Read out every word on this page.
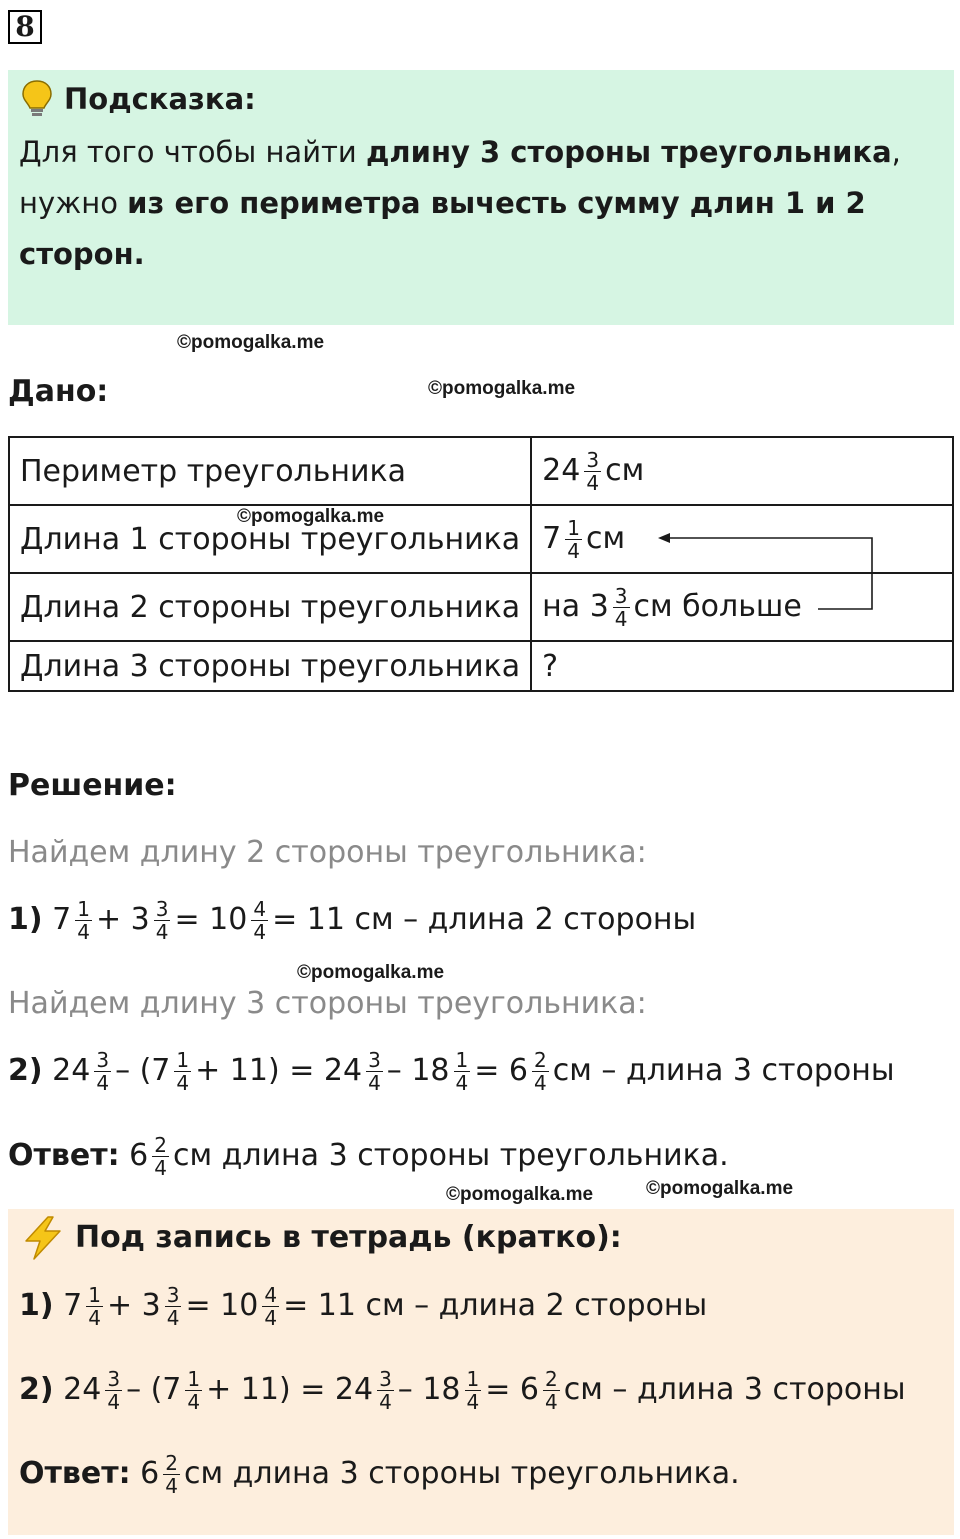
8
Подсказка:
Для того чтобы найти длину 3 стороны треугольника,
нужно из его периметра вычесть сумму длин 1 и 2
сторон.
©pomogalka.me
©pomogalka.me
Дано:
Периметр треугольника	$24 \frac{3}{4}$ см
Длина 1 стороны треугольника	$7 \frac{1}{4}$ см
Длина 2 стороны треугольника	на $3 \frac{3}{4}$ см больше
Длина 3 стороны треугольника	?
©pomogalka.me
Решение:
Найдем длину 2 стороны треугольника:
1) $7 \frac{1}{4} + 3 \frac{3}{4} = 10 \frac{4}{4} = 11$ см – длина 2 стороны
©pomogalka.me
Найдем длину 3 стороны треугольника:
2) $24 \frac{3}{4} - (7 \frac{1}{4} + 11) = 24 \frac{3}{4} - 18 \frac{1}{4} = 6 \frac{2}{4}$ см – длина 3 стороны
Ответ: $6 \frac{2}{4}$ см длина 3 стороны треугольника.
©pomogalka.me	©pomogalka.me
Под запись в тетрадь (кратко):
1) $7 \frac{1}{4} + 3 \frac{3}{4} = 10 \frac{4}{4} = 11$ см – длина 2 стороны
2) $24 \frac{3}{4} - (7 \frac{1}{4} + 11) = 24 \frac{3}{4} - 18 \frac{1}{4} = 6 \frac{2}{4}$ см – длина 3 стороны
Ответ: $6 \frac{2}{4}$ см длина 3 стороны треугольника.
